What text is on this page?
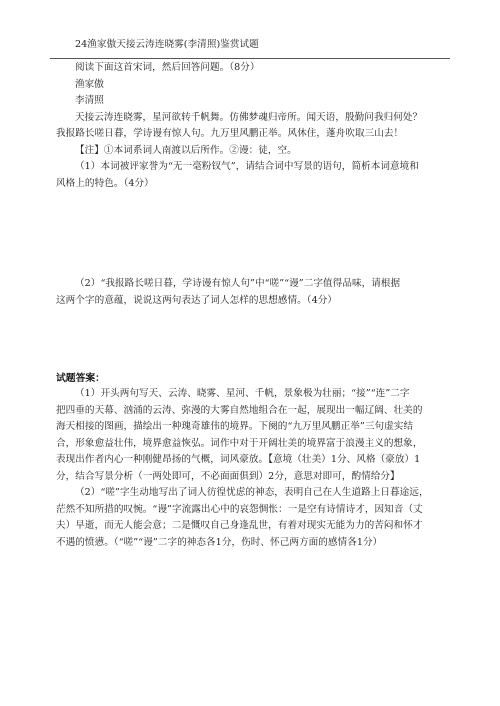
24渔家傲天接云涛连晓雾(李清照)鉴赏试题
阅读下面这首宋词，然后回答问题。（8分）
渔家傲
李清照
天接云涛连晓雾，星河欲转千帆舞。仿佛梦魂归帝所。闻天语，殷勤问我归何处？
我报路长嗟日暮，学诗谩有惊人句。九万里风鹏正举。风休住，蓬舟吹取三山去！
【注】①本词系词人南渡以后所作。②谩：徒，空。
（1）本词被评家誉为“无一毫粉钗气”，请结合词中写景的语句，简析本词意境和
风格上的特色。（4分）
（2）“我报路长嗟日暮，学诗谩有惊人句”中“嗟”“谩”二字值得品味，请根据
这两个字的意蕴，说说这两句表达了词人怎样的思想感情。（4分）
试题答案：
（1）开头两句写天、云涛、晓雾、星河、千帆，景象极为壮丽；“接”“连”二字
把四垂的天幕、汹涌的云涛、弥漫的大雾自然地组合在一起，展现出一幅辽阔、壮美的
海天相接的图画，描绘出一种瑰奇雄伟的境界。下阕的“九万里风鹏正举”三句虚实结
合，形象愈益壮伟，境界愈益恢弘。词作中对于开阔壮美的境界富于浪漫主义的想象，
表现出作者内心一种刚健昂扬的气概，词风豪放。【意境（壮美）1分、风格（豪放）1
分，结合写景分析（一两处即可，不必面面俱到）2分，意思对即可，酌情给分】
（2）“嗟”字生动地写出了词人彷徨忧虑的神态，表明自己在人生道路上日暮途远，
茫然不知所措的叹惋。“谩”字流露出心中的哀怨惆怅：一是空有诗情诗才，因知音（丈
夫）早逝，而无人能会意；二是慨叹自己身逢乱世，有着对现实无能为力的苦闷和怀才
不遇的愤懑。（“嗟”“谩”二字的神态各1分，伤时、怀己两方面的感情各1分）
